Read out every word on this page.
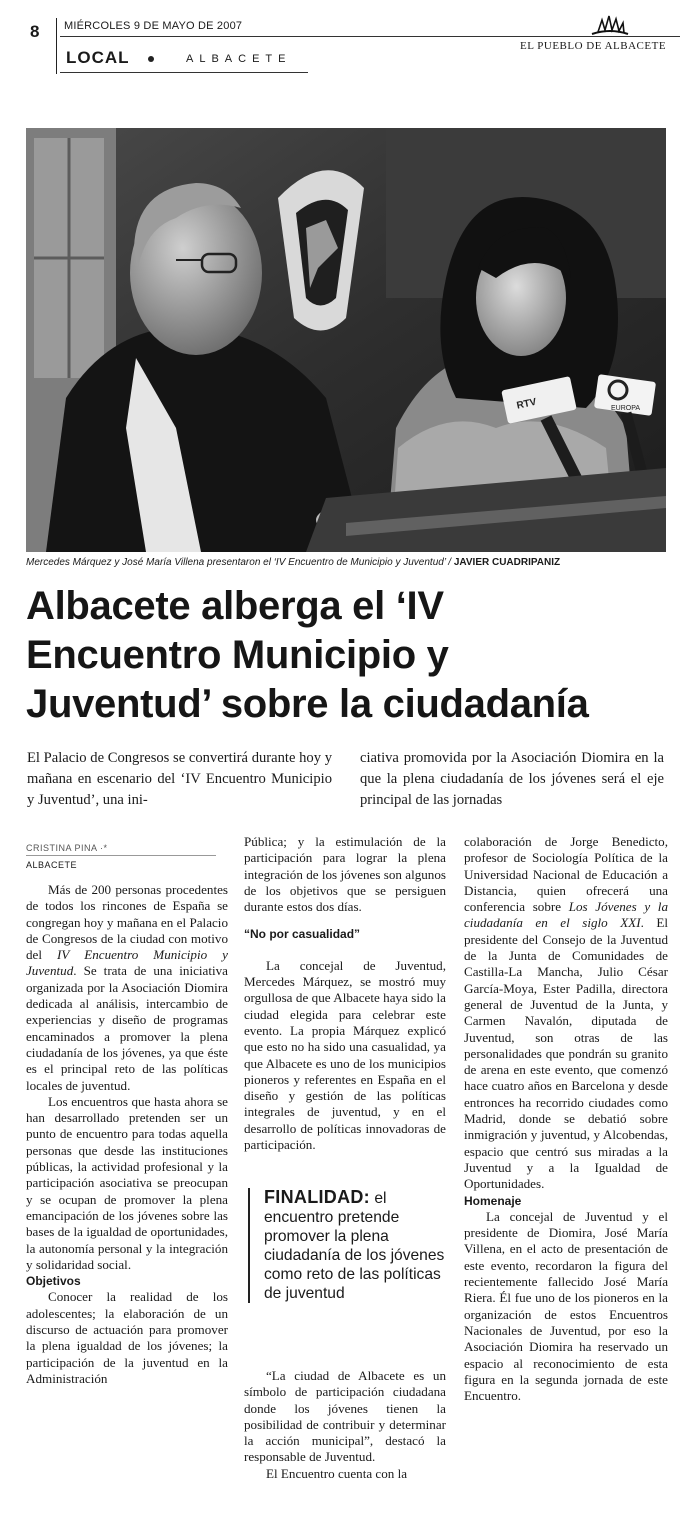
8 MIÉRCOLES 9 DE MAYO DE 2007
LOCAL	ALBACETE
EL PUEBLO DE ALBACETE
RTV	EUROPA
Mercedes Márquez y José María Villena presentaron el ‘IV Encuentro de Municipio y Juventud’ / JAVIER CUADRIPANIZ
Albacete alberga el ‘IV
Encuentro Municipio y
Juventud’ sobre la ciudadanía
El Palacio de Congresos se convertirá durante hoy y mañana en escenario del ‘IV Encuentro Municipio y Juventud’, una ini-
ciativa promovida por la Asociación Diomira en la que la plena ciudadanía de los jóvenes será el eje principal de las jornadas
CRISTINA PINA ·*
ALBACETE

Más de 200 personas procedentes de todos los rincones de España se congregan hoy y mañana en el Palacio de Congresos de la ciudad con motivo del IV Encuentro Municipio y Juventud. Se trata de una iniciativa organizada por la Asociación Diomira dedicada al análisis, intercambio de experiencias y diseño de programas encaminados a promover la plena ciudadanía de los jóvenes, ya que éste es el principal reto de las políticas locales de juventud.

Los encuentros que hasta ahora se han desarrollado pretenden ser un punto de encuentro para todas aquella personas que desde las instituciones públicas, la actividad profesional y la participación asociativa se preocupan y se ocupan de promover la plena emancipación de los jóvenes sobre las bases de la igualdad de oportunidades, la autonomía personal y la integración y solidaridad social.

Objetivos

Conocer la realidad de los adolescentes; la elaboración de un discurso de actuación para promover la plena igualdad de los jóvenes; la participación de la juventud en la Administración

Pública; y la estimulación de la participación para lograr la plena integración de los jóvenes son algunos de los objetivos que se persiguen durante estos dos días.

“No por casualidad”

La concejal de Juventud, Mercedes Márquez, se mostró muy orgullosa de que Albacete haya sido la ciudad elegida para celebrar este evento. La propia Márquez explicó que esto no ha sido una casualidad, ya que Albacete es uno de los municipios pioneros y referentes en España en el diseño y gestión de las políticas integrales de juventud, y en el desarrollo de políticas innovadoras de participación.

FINALIDAD: el encuentro pretende promover la plena ciudadanía de los jóvenes como reto de las políticas de juventud

“La ciudad de Albacete es un símbolo de participación ciudadana donde los jóvenes tienen la posibilidad de contribuir y determinar la acción municipal”, destacó la responsable de Juventud.

El Encuentro cuenta con la

colaboración de Jorge Benedicto, profesor de Sociología Política de la Universidad Nacional de Educación a Distancia, quien ofrecerá una conferencia sobre Los Jóvenes y la ciudadanía en el siglo XXI. El presidente del Consejo de la Juventud de la Junta de Comunidades de Castilla-La Mancha, Julio César García-Moya, Ester Padilla, directora general de Juventud de la Junta, y Carmen Navalón, diputada de Juventud, son otras de las personalidades que pondrán su granito de arena en este evento, que comenzó hace cuatro años en Barcelona y desde entronces ha recorrido ciudades como Madrid, donde se debatió sobre inmigración y juventud, y Alcobendas, espacio que centró sus miradas a la Juventud y a la Igualdad de Oportunidades.

Homenaje

La concejal de Juventud y el presidente de Diomira, José María Villena, en el acto de presentación de este evento, recordaron la figura del recientemente fallecido José María Riera. Él fue uno de los pioneros en la organización de estos Encuentros Nacionales de Juventud, por eso la Asociación Diomira ha reservado un espacio al reconocimiento de esta figura en la segunda jornada de este Encuentro.
